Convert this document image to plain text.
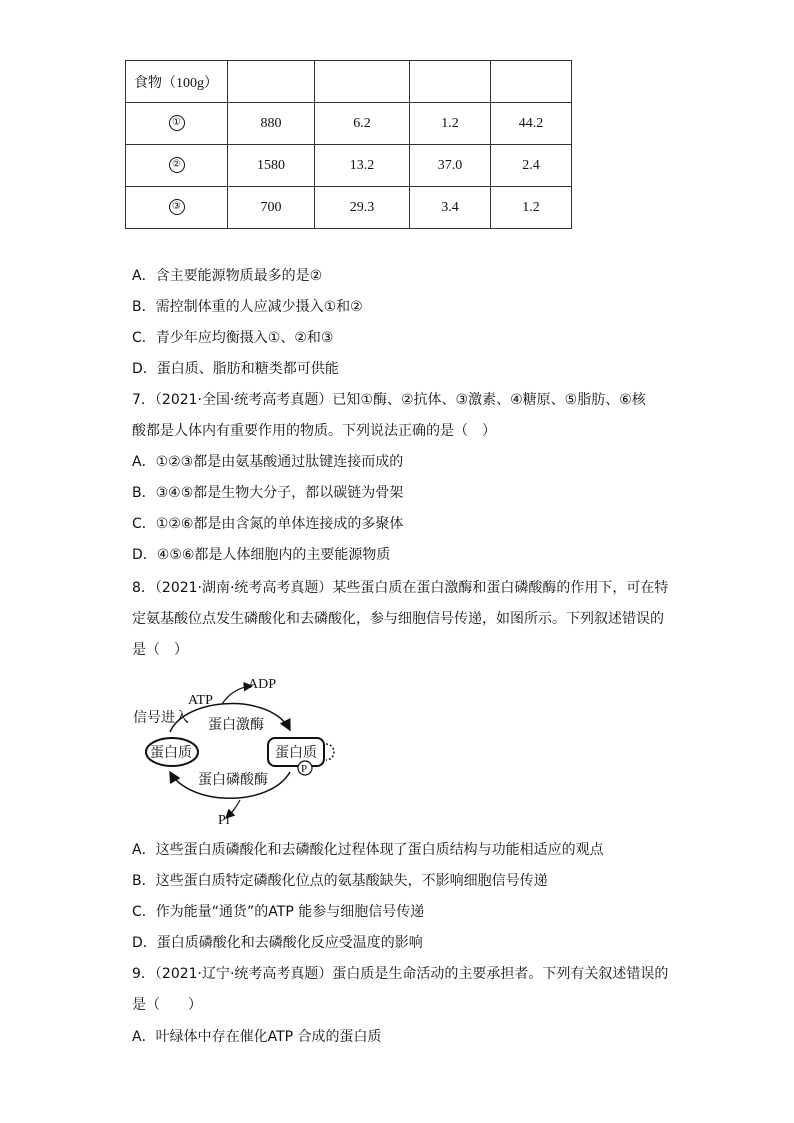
食物（100g）				
①	880	6.2	1.2	44.2
②	1580	13.2	37.0	2.4
③	700	29.3	3.4	1.2
A．含主要能源物质最多的是②
B．需控制体重的人应减少摄入①和②
C．青少年应均衡摄入①、②和③
D．蛋白质、脂肪和糖类都可供能
7．（2021·全国·统考高考真题）已知①酶、②抗体、③激素、④糖原、⑤脂肪、⑥核
酸都是人体内有重要作用的物质。下列说法正确的是（　）
A．①②③都是由氨基酸通过肽键连接而成的
B．③④⑤都是生物大分子，都以碳链为骨架
C．①②⑥都是由含氮的单体连接成的多聚体
D．④⑤⑥都是人体细胞内的主要能源物质
8．（2021·湖南·统考高考真题）某些蛋白质在蛋白激酶和蛋白磷酸酶的作用下，可在特
定氨基酸位点发生磷酸化和去磷酸化，参与细胞信号传递，如图所示。下列叙述错误的
是（　）
ATP
ADP
信号进入 蛋白激酶
蛋白磷酸酶
蛋白质	蛋白质
P
Pi
A．这些蛋白质磷酸化和去磷酸化过程体现了蛋白质结构与功能相适应的观点
B．这些蛋白质特定磷酸化位点的氨基酸缺失，不影响细胞信号传递
C．作为能量“通货”的ATP 能参与细胞信号传递
D．蛋白质磷酸化和去磷酸化反应受温度的影响
9．（2021·辽宁·统考高考真题）蛋白质是生命活动的主要承担者。下列有关叙述错误的
是（　　）
A．叶绿体中存在催化ATP 合成的蛋白质
